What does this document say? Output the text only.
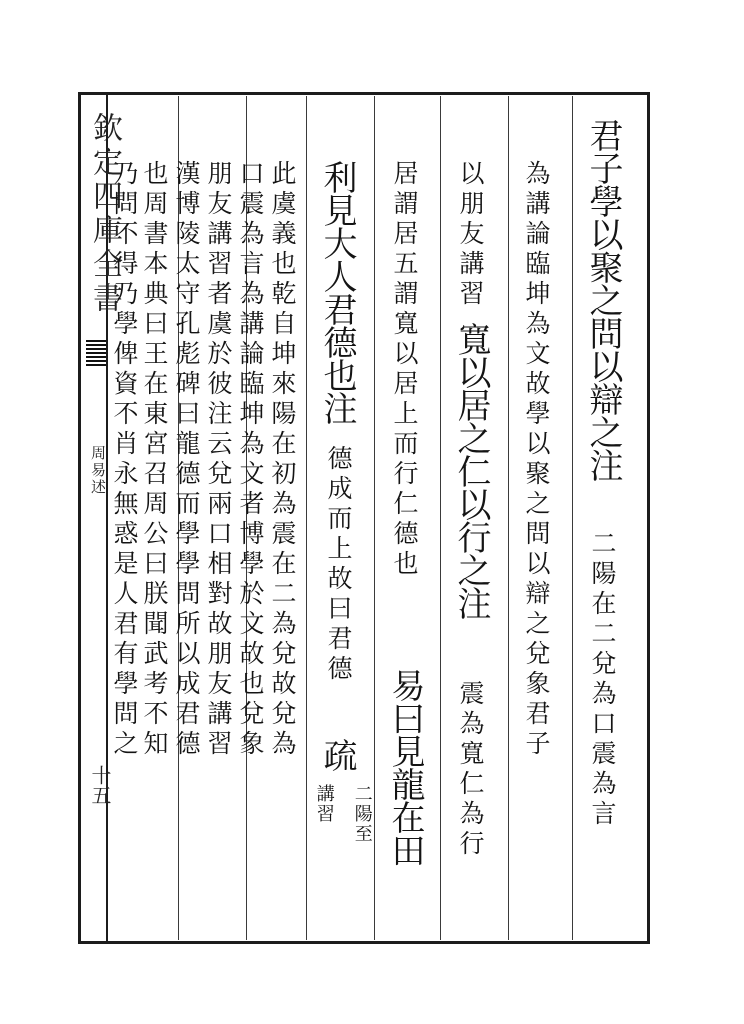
欽定四庫全書
周易述
十五
君子學以聚之問以辯之注
二陽在二兌為口震為言
為講論臨坤為文故學以聚之問以辯之兌象君子
以朋友講習
寬以居之仁以行之注
震為寬仁為行
居謂居五謂寬以居上而行仁德也
易曰見龍在田
利見大人君德也注
德成而上故曰君德
疏
二陽至
講習
此虞義也乾自坤來陽在初為震在二為兌故兌為
口震為言為講論臨坤為文者博學於文故也兌象
朋友講習者虞於彼注云兌兩口相對故朋友講習
漢博陵太守孔彪碑曰龍德而學學問所以成君德
也周書本典曰王在東宮召周公曰朕聞武考不知
乃問不得乃學俾資不肖永無惑是人君有學問之
